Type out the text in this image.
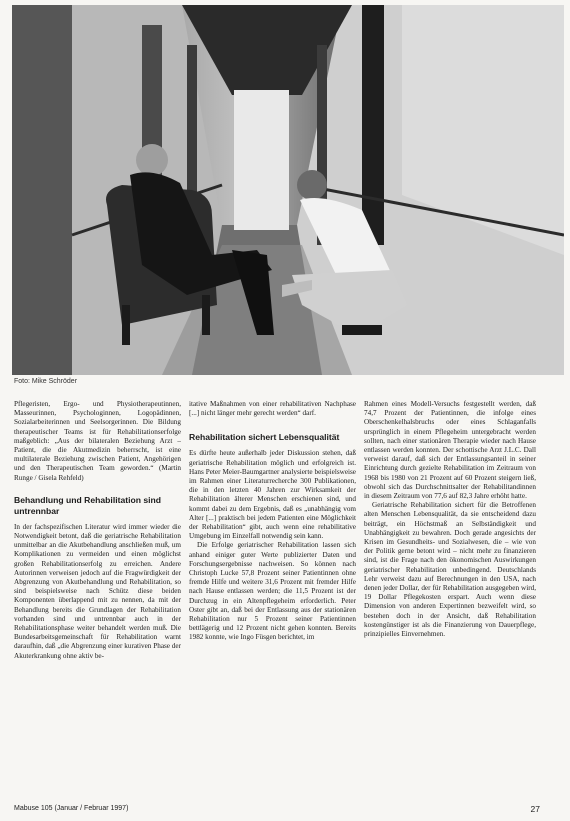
Foto: Mike Schröder

Pflegeristen, Ergo- und Physiotherapeutinnen, Masseurinnen, Psychologinnen, Logopädinnen, Sozialarbeiterinnen und Seelsorgerinnen. Die Bildung therapeutischer Teams ist für Rehabilitationserfolge maßgeblich: „Aus der bilateralen Beziehung Arzt – Patient, die die Akutmedizin beherrscht, ist eine multilaterale Beziehung zwischen Patient, Angehörigen und den Therapeutischen Team geworden.“ (Martin Runge / Gisela Rehfeld)

Behandlung und Rehabilitation sind untrennbar

In der fachspezifischen Literatur wird immer wieder die Notwendigkeit betont, daß die geriatrische Rehabilitation unmittelbar an die Akutbehandlung anschließen muß, um Komplikationen zu vermeiden und einen möglichst großen Rehabilitationserfolg zu erreichen. Andere Autorinnen verweisen jedoch auf die Fragwürdigkeit der Abgrenzung von Akutbehandlung und Rehabilitation, so sind beispielsweise nach Schütz diese beiden Komponenten überlappend mit zu nennen, da mit der Behandlung bereits die Grundlagen der Rehabilitation vorhanden sind und untrennbar auch in der Rehabilitationsphase weiter behandelt werden muß. Die Bundesarbeitsgemeinschaft für Rehabilitation warnt daraufhin, daß „die Abgrenzung einer kurativen Phase der Akuterkrankung ohne aktiv be-

itative Maßnahmen von einer rehabilitativen Nachphase [...] nicht länger mehr gerecht werden“ darf.

Rehabilitation sichert Lebensqualität

Es dürfte heute außerhalb jeder Diskussion stehen, daß geriatrische Rehabilitation möglich und erfolgreich ist. Hans Peter Meier-Baumgartner analysierte beispielsweise im Rahmen einer Literaturrecherche 300 Publikationen, die in den letzten 40 Jahren zur Wirksamkeit der Rehabilitation älterer Menschen erschienen sind, und kommt dabei zu dem Ergebnis, daß es „unabhängig vom Alter [...] praktisch bei jedem Patienten eine Möglichkeit der Rehabilitation“ gibt, auch wenn eine rehabilitative Umgebung im Einzelfall notwendig sein kann.

Die Erfolge geriatrischer Rehabilitation lassen sich anhand einiger guter Werte publizierter Daten und Forschungsergebnisse nachweisen. So können nach Christoph Lucke 57,8 Prozent seiner Patientinnen ohne fremde Hilfe und weitere 31,6 Prozent mit fremder Hilfe nach Hause entlassen werden; die 11,5 Prozent ist der Durchzug in ein Altenpflegeheim erforderlich. Peter Oster gibt an, daß bei der Entlassung aus der stationären Rehabilitation nur 5 Prozent seiner Patientinnen bettlägerig und 12 Prozent nicht gehen konnten. Bereits 1982 konnte, wie Ingo Füsgen berichtet, im

Rahmen eines Modell-Versuchs festgestellt werden, daß 74,7 Prozent der Patientinnen, die infolge eines Oberschenkelhalsbruchs oder eines Schlaganfalls ursprünglich in einem Pflegeheim untergebracht werden sollten, nach einer stationären Therapie wieder nach Hause entlassen werden konnten. Der schottische Arzt J.L.C. Dall verweist darauf, daß sich der Entlassungsanteil in seiner Einrichtung durch gezielte Rehabilitation im Zeitraum von 1968 bis 1980 von 21 Prozent auf 60 Prozent steigern ließ, obwohl sich das Durchschnittsalter der Rehabilitandinnen in diesem Zeitraum von 77,6 auf 82,3 Jahre erhöht hatte.

Geriatrische Rehabilitation sichert für die Betroffenen alten Menschen Lebensqualität, da sie entscheidend dazu beiträgt, ein Höchstmaß an Selbständigkeit und Unabhängigkeit zu bewahren. Doch gerade angesichts der Krisen im Gesundheits- und Sozialwesen, die – wie von der Politik gerne betont wird – nicht mehr zu finanzieren sind, ist die Frage nach den ökonomischen Auswirkungen geriatrischer Rehabilitation unbedingend. Deutschlands Lehr verweist dazu auf Berechnungen in den USA, nach denen jeder Dollar, der für Rehabilitation ausgegeben wird, 19 Dollar Pflegekosten erspart. Auch wenn diese Dimension von anderen Expertinnen bezweifelt wird, so bestehen doch in der Ansicht, daß Rehabilitation kostengünstiger ist als die Finanzierung von Dauerpflege, prinzipielles Einvernehmen.

Mabuse 105 (Januar / Februar 1997)	27
